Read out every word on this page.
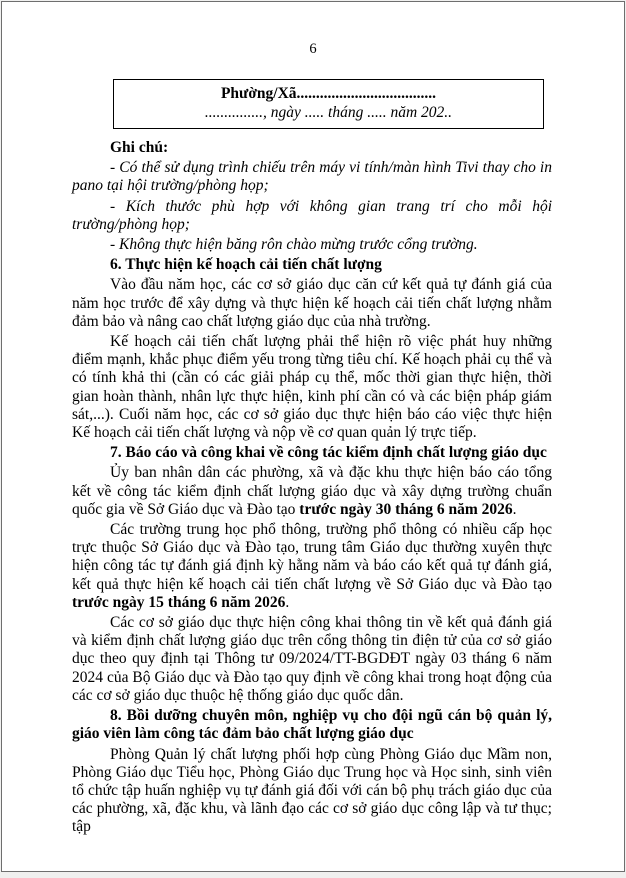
6
Phường/Xã....................................
..............., ngày ..... tháng ..... năm 202..

Ghi chú:

- Có thể sử dụng trình chiếu trên máy vi tính/màn hình Tivi thay cho in pano tại hội trường/phòng họp;

- Kích thước phù hợp với không gian trang trí cho mỗi hội trường/phòng họp;

- Không thực hiện băng rôn chào mừng trước cổng trường.

6. Thực hiện kế hoạch cải tiến chất lượng

Vào đầu năm học, các cơ sở giáo dục căn cứ kết quả tự đánh giá của năm học trước để xây dựng và thực hiện kế hoạch cải tiến chất lượng nhằm đảm bảo và nâng cao chất lượng giáo dục của nhà trường.

Kế hoạch cải tiến chất lượng phải thể hiện rõ việc phát huy những điểm mạnh, khắc phục điểm yếu trong từng tiêu chí. Kế hoạch phải cụ thể và có tính khả thi (cần có các giải pháp cụ thể, mốc thời gian thực hiện, thời gian hoàn thành, nhân lực thực hiện, kinh phí cần có và các biện pháp giám sát,...). Cuối năm học, các cơ sở giáo dục thực hiện báo cáo việc thực hiện Kế hoạch cải tiến chất lượng và nộp về cơ quan quản lý trực tiếp.

7. Báo cáo và công khai về công tác kiểm định chất lượng giáo dục

Ủy ban nhân dân các phường, xã và đặc khu thực hiện báo cáo tổng kết về công tác kiểm định chất lượng giáo dục và xây dựng trường chuẩn quốc gia về Sở Giáo dục và Đào tạo trước ngày 30 tháng 6 năm 2026.

Các trường trung học phổ thông, trường phổ thông có nhiều cấp học trực thuộc Sở Giáo dục và Đào tạo, trung tâm Giáo dục thường xuyên thực hiện công tác tự đánh giá định kỳ hằng năm và báo cáo kết quả tự đánh giá, kết quả thực hiện kế hoạch cải tiến chất lượng về Sở Giáo dục và Đào tạo trước ngày 15 tháng 6 năm 2026.

Các cơ sở giáo dục thực hiện công khai thông tin về kết quả đánh giá và kiểm định chất lượng giáo dục trên cổng thông tin điện tử của cơ sở giáo dục theo quy định tại Thông tư 09/2024/TT-BGDĐT ngày 03 tháng 6 năm 2024 của Bộ Giáo dục và Đào tạo quy định về công khai trong hoạt động của các cơ sở giáo dục thuộc hệ thống giáo dục quốc dân.

8. Bồi dưỡng chuyên môn, nghiệp vụ cho đội ngũ cán bộ quản lý, giáo viên làm công tác đảm bảo chất lượng giáo dục

Phòng Quản lý chất lượng phối hợp cùng Phòng Giáo dục Mầm non, Phòng Giáo dục Tiểu học, Phòng Giáo dục Trung học và Học sinh, sinh viên tổ chức tập huấn nghiệp vụ tự đánh giá đối với cán bộ phụ trách giáo dục của các phường, xã, đặc khu, và lãnh đạo các cơ sở giáo dục công lập và tư thục; tập
